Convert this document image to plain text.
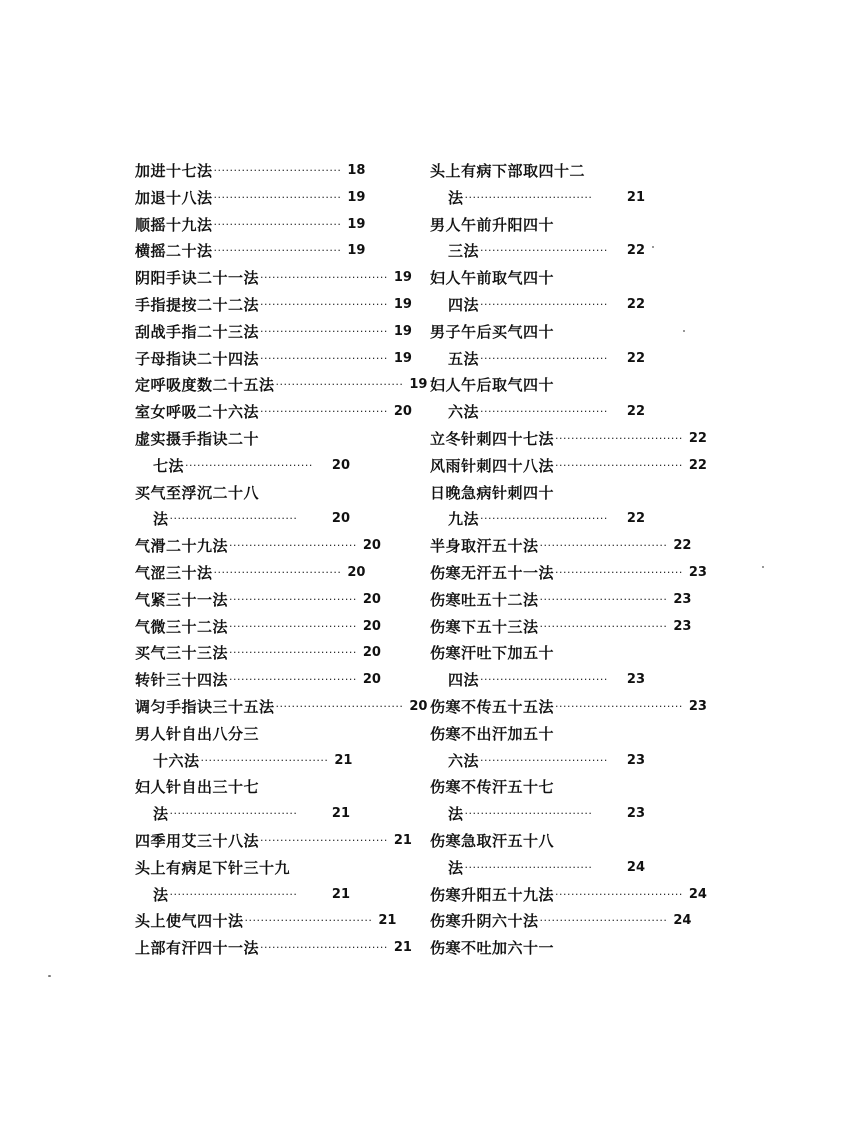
加进十七法 ································ 18
加退十八法 ································ 19
顺摇十九法 ································ 19
横摇二十法 ································ 19
阴阳手诀二十一法 ································ 19
手指提按二十二法 ································ 19
刮战手指二十三法 ································ 19
子母指诀二十四法 ································ 19
定呼吸度数二十五法 ································ 19
室女呼吸二十六法 ································ 20
虚实摄手指诀二十
七法 ································	20
买气至浮沉二十八
法 ································	20
气滑二十九法 ································ 20
气涩三十法 ································ 20
气紧三十一法 ································ 20
气微三十二法 ································ 20
买气三十三法 ································ 20
转针三十四法 ································ 20
调匀手指诀三十五法 ································ 20
男人针自出八分三
十六法 ································ 21
妇人针自出三十七
法 ································	21
四季用艾三十八法 ································ 21
头上有病足下针三十九
法 ································	21
头上使气四十法 ································ 21
上部有汗四十一法 ································ 21
头上有病下部取四十二
法 ································	21
男人午前升阳四十
三法 ································	22
妇人午前取气四十
四法 ································	22
男子午后买气四十
五法 ································	22
妇人午后取气四十
六法 ································	22
立冬针刺四十七法 ································ 22
风雨针刺四十八法 ································ 22
日晚急病针刺四十
九法 ································	22
半身取汗五十法 ································ 22
伤寒无汗五十一法 ································ 23
伤寒吐五十二法 ································ 23
伤寒下五十三法 ································ 23
伤寒汗吐下加五十
四法 ································	23
伤寒不传五十五法 ································ 23
伤寒不出汗加五十
六法 ································	23
伤寒不传汗五十七
法 ································	23
伤寒急取汗五十八
法 ································	24
伤寒升阳五十九法 ································ 24
伤寒升阴六十法 ································ 24
伤寒不吐加六十一
